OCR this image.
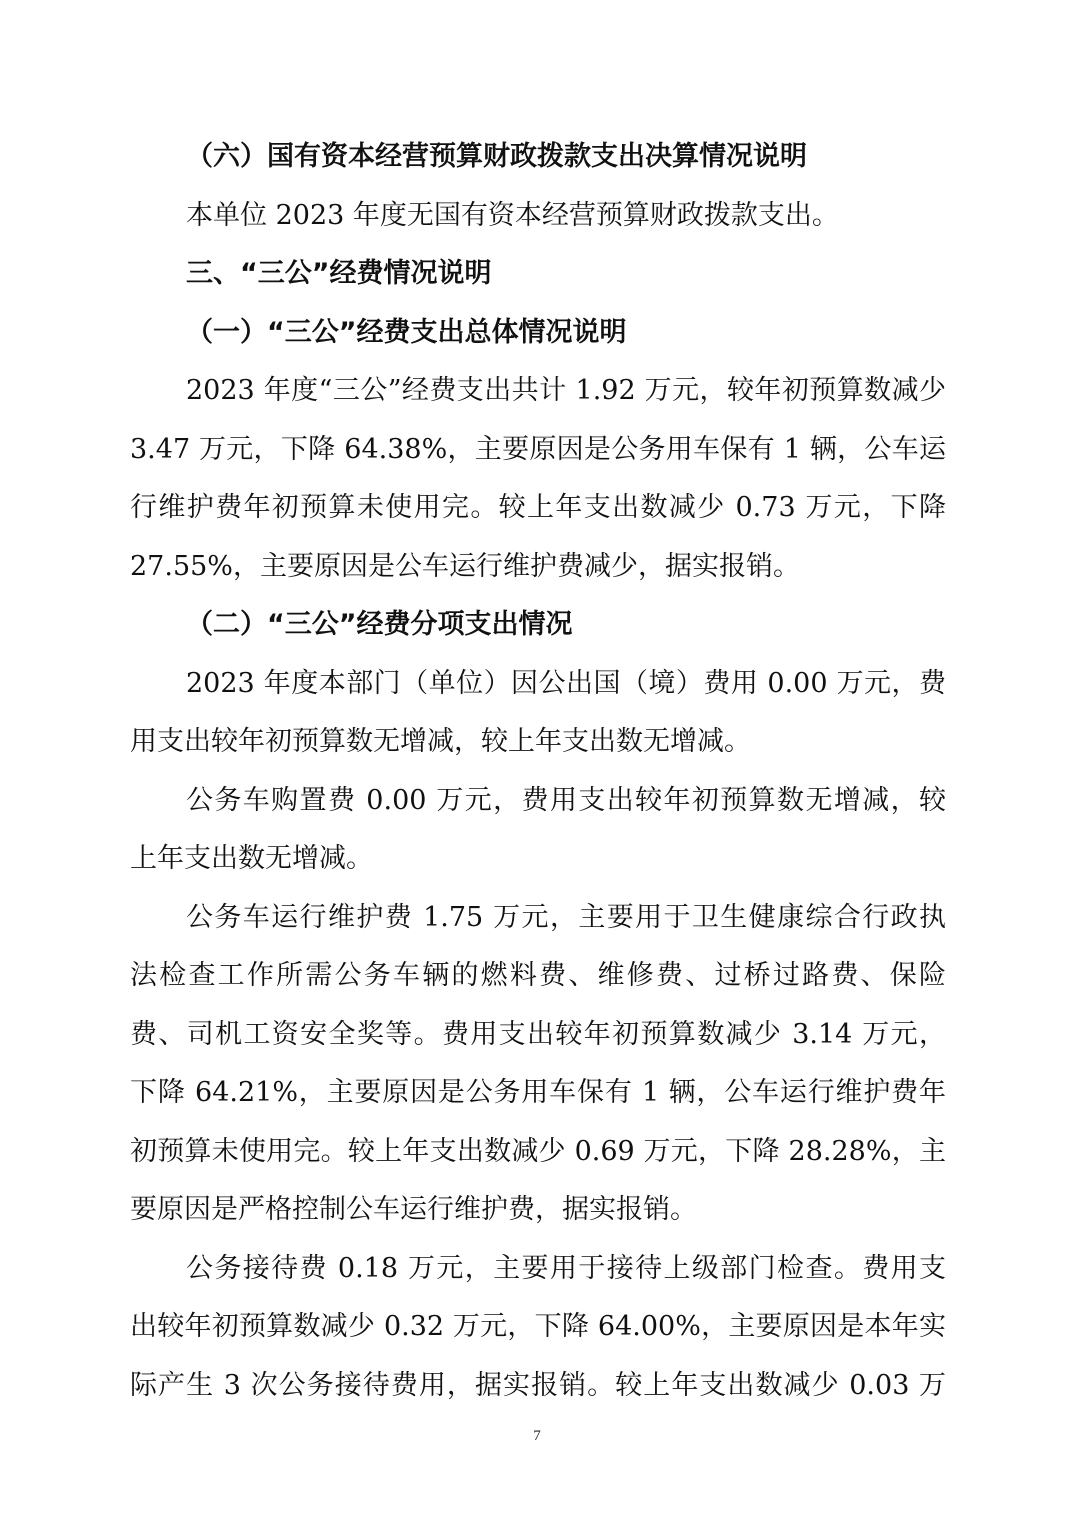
（六）国有资本经营预算财政拨款支出决算情况说明

本单位 2023 年度无国有资本经营预算财政拨款支出。

三、“三公”经费情况说明

（一）“三公”经费支出总体情况说明

2023 年度“三公”经费支出共计 1.92 万元，较年初预算数减少
3.47 万元，下降 64.38%，主要原因是公务用车保有 1 辆，公车运
行维护费年初预算未使用完。较上年支出数减少 0.73 万元，下降
27.55%，主要原因是公车运行维护费减少，据实报销。

（二）“三公”经费分项支出情况

2023 年度本部门（单位）因公出国（境）费用 0.00 万元，费
用支出较年初预算数无增减，较上年支出数无增减。

公务车购置费 0.00 万元，费用支出较年初预算数无增减，较
上年支出数无增减。

公务车运行维护费 1.75 万元，主要用于卫生健康综合行政执
法检查工作所需公务车辆的燃料费、维修费、过桥过路费、保险
费、司机工资安全奖等。费用支出较年初预算数减少 3.14 万元，
下降 64.21%，主要原因是公务用车保有 1 辆，公车运行维护费年
初预算未使用完。较上年支出数减少 0.69 万元，下降 28.28%，主
要原因是严格控制公车运行维护费，据实报销。

公务接待费 0.18 万元，主要用于接待上级部门检查。费用支
出较年初预算数减少 0.32 万元，下降 64.00%，主要原因是本年实
际产生 3 次公务接待费用，据实报销。较上年支出数减少 0.03 万

7
